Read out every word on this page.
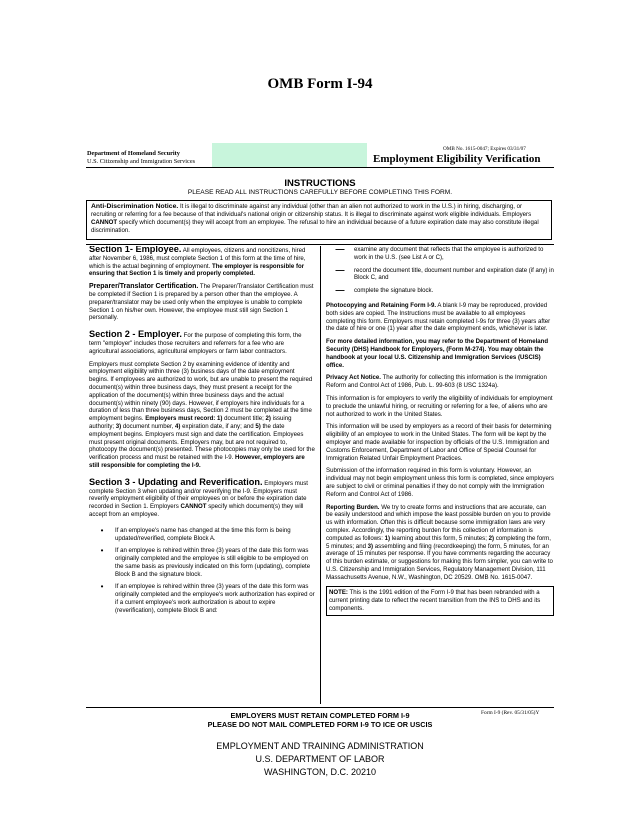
OMB Form I-94
Department of Homeland Security
U.S. Citizenship and Immigration Services
OMB No. 1615-0047; Expires 03/31/07
Employment Eligibility Verification
INSTRUCTIONS
PLEASE READ ALL INSTRUCTIONS CAREFULLY BEFORE COMPLETING THIS FORM.
Anti-Discrimination Notice. It is illegal to discriminate against any individual (other than an alien not authorized to work in the U.S.) in hiring, discharging, or recruiting or referring for a fee because of that individual's national origin or citizenship status. It is illegal to discriminate against work eligible individuals. Employers CANNOT specify which document(s) they will accept from an employee. The refusal to hire an individual because of a future expiration date may also constitute illegal discrimination.

Section 1- Employee. All employees, citizens and noncitizens, hired after November 6, 1986, must complete Section 1 of this form at the time of hire, which is the actual beginning of employment. The employer is responsible for ensuring that Section 1 is timely and properly completed.

Preparer/Translator Certification. The Preparer/Translator Certification must be completed if Section 1 is prepared by a person other than the employee. A preparer/translator may be used only when the employee is unable to complete Section 1 on his/her own. However, the employee must still sign Section 1 personally.

Section 2 - Employer. For the purpose of completing this form, the term "employer" includes those recruiters and referrers for a fee who are agricultural associations, agricultural employers or farm labor contractors.

Employers must complete Section 2 by examining evidence of identity and employment eligibility within three (3) business days of the date employment begins. If employees are authorized to work, but are unable to present the required document(s) within three business days, they must present a receipt for the application of the document(s) within three business days and the actual document(s) within ninety (90) days. However, if employers hire individuals for a duration of less than three business days, Section 2 must be completed at the time employment begins. Employers must record: 1) document title; 2) issuing authority; 3) document number, 4) expiration date, if any; and 5) the date employment begins. Employers must sign and date the certification. Employees must present original documents. Employers may, but are not required to, photocopy the document(s) presented. These photocopies may only be used for the verification process and must be retained with the I-9. However, employers are still responsible for completing the I-9.

Section 3 - Updating and Reverification. Employers must complete Section 3 when updating and/or reverifying the I-9. Employers must reverify employment eligibility of their employees on or before the expiration date recorded in Section 1. Employers CANNOT specify which document(s) they will accept from an employee.

•	If an employee's name has changed at the time this form is being updated/reverified, complete Block A.
•	If an employee is rehired within three (3) years of the date this form was originally completed and the employee is still eligible to be employed on the same basis as previously indicated on this form (updating), complete Block B and the signature block.
•	If an employee is rehired within three (3) years of the date this form was originally completed and the employee's work authorization has expired or if a current employee's work authorization is about to expire (reverification), complete Block B and:
—	examine any document that reflects that the employee is authorized to work in the U.S. (see List A or C),
—	record the document title, document number and expiration date (if any) in Block C, and
—	complete the signature block.

Photocopying and Retaining Form I-9. A blank I-9 may be reproduced, provided both sides are copied. The Instructions must be available to all employees completing this form. Employers must retain completed I-9s for three (3) years after the date of hire or one (1) year after the date employment ends, whichever is later.

For more detailed information, you may refer to the Department of Homeland Security (DHS) Handbook for Employers, (Form M-274). You may obtain the handbook at your local U.S. Citizenship and Immigration Services (USCIS) office.

Privacy Act Notice. The authority for collecting this information is the Immigration Reform and Control Act of 1986, Pub. L. 99-603 (8 USC 1324a).

This information is for employers to verify the eligibility of individuals for employment to preclude the unlawful hiring, or recruiting or referring for a fee, of aliens who are not authorized to work in the United States.

This information will be used by employers as a record of their basis for determining eligibility of an employee to work in the United States. The form will be kept by the employer and made available for inspection by officials of the U.S. Immigration and Customs Enforcement, Department of Labor and Office of Special Counsel for Immigration Related Unfair Employment Practices.

Submission of the information required in this form is voluntary. However, an individual may not begin employment unless this form is completed, since employers are subject to civil or criminal penalties if they do not comply with the Immigration Reform and Control Act of 1986.

Reporting Burden. We try to create forms and instructions that are accurate, can be easily understood and which impose the least possible burden on you to provide us with information. Often this is difficult because some immigration laws are very complex. Accordingly, the reporting burden for this collection of information is computed as follows: 1) learning about this form, 5 minutes; 2) completing the form, 5 minutes; and 3) assembling and filing (recordkeeping) the form, 5 minutes, for an average of 15 minutes per response. If you have comments regarding the accuracy of this burden estimate, or suggestions for making this form simpler, you can write to U.S. Citizenship and Immigration Services, Regulatory Management Division, 111 Massachusetts Avenue, N.W., Washington, DC 20529. OMB No. 1615-0047.

NOTE: This is the 1991 edition of the Form I-9 that has been rebranded with a current printing date to reflect the recent transition from the INS to DHS and its components.

EMPLOYERS MUST RETAIN COMPLETED FORM I-9
PLEASE DO NOT MAIL COMPLETED FORM I-9 TO ICE OR USCIS
Form I-9 (Rev. 05/31/05)Y
EMPLOYMENT AND TRAINING ADMINISTRATION
U.S. DEPARTMENT OF LABOR
WASHINGTON, D.C. 20210
